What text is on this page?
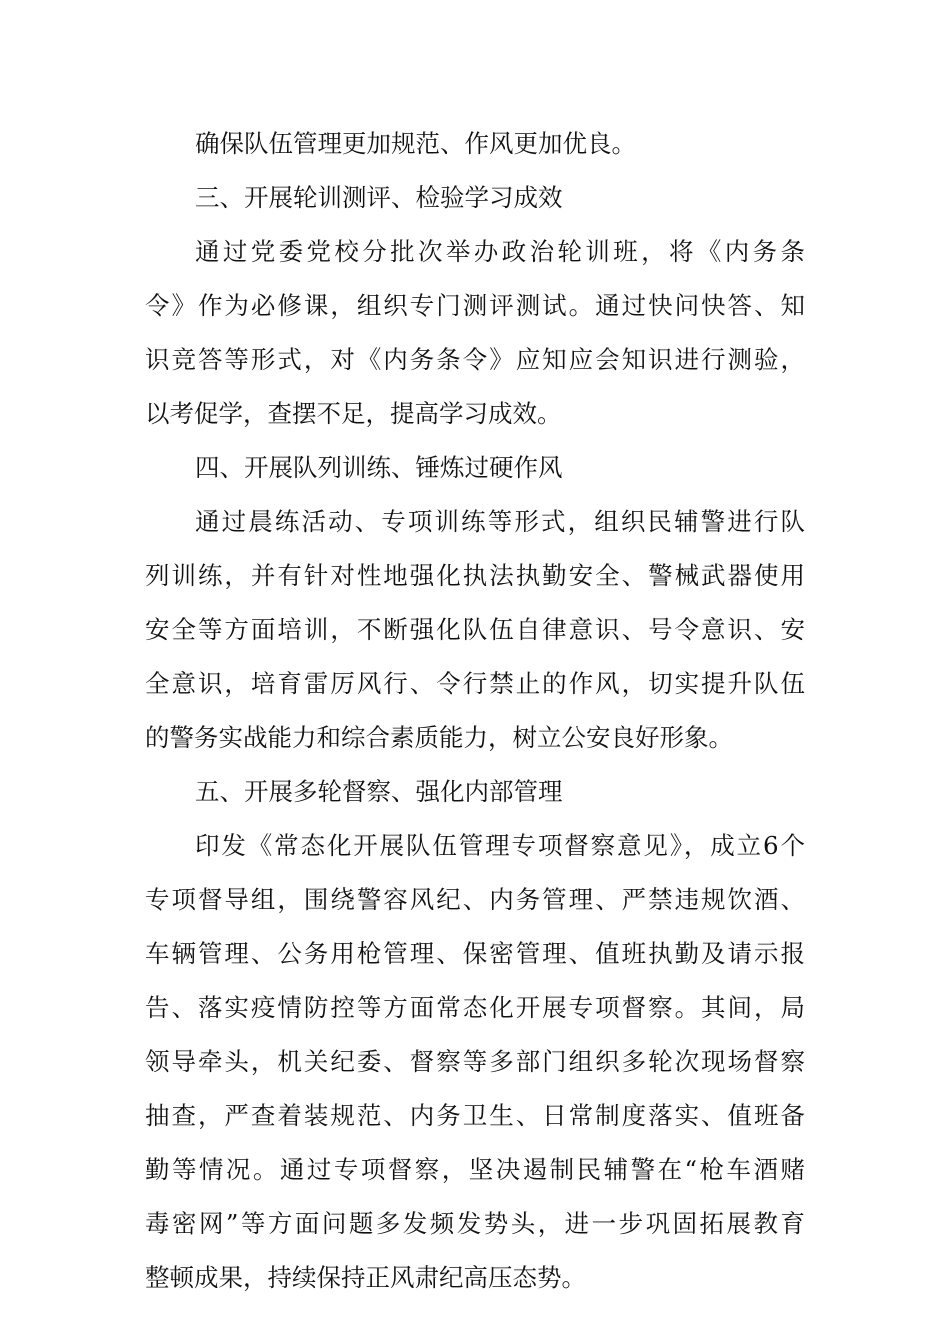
确保队伍管理更加规范、作风更加优良。
三、开展轮训测评、检验学习成效
通过党委党校分批次举办政治轮训班，将《内务条
令》作为必修课，组织专门测评测试。通过快问快答、知
识竞答等形式，对《内务条令》应知应会知识进行测验，
以考促学，查摆不足，提高学习成效。
四、开展队列训练、锤炼过硬作风
通过晨练活动、专项训练等形式，组织民辅警进行队
列训练，并有针对性地强化执法执勤安全、警械武器使用
安全等方面培训，不断强化队伍自律意识、号令意识、安
全意识，培育雷厉风行、令行禁止的作风，切实提升队伍
的警务实战能力和综合素质能力，树立公安良好形象。
五、开展多轮督察、强化内部管理
印发《常态化开展队伍管理专项督察意见》，成立6个
专项督导组，围绕警容风纪、内务管理、严禁违规饮酒、
车辆管理、公务用枪管理、保密管理、值班执勤及请示报
告、落实疫情防控等方面常态化开展专项督察。其间，局
领导牵头，机关纪委、督察等多部门组织多轮次现场督察
抽查，严查着装规范、内务卫生、日常制度落实、值班备
勤等情况。通过专项督察，坚决遏制民辅警在“枪车酒赌
毒密网”等方面问题多发频发势头，进一步巩固拓展教育
整顿成果，持续保持正风肃纪高压态势。
